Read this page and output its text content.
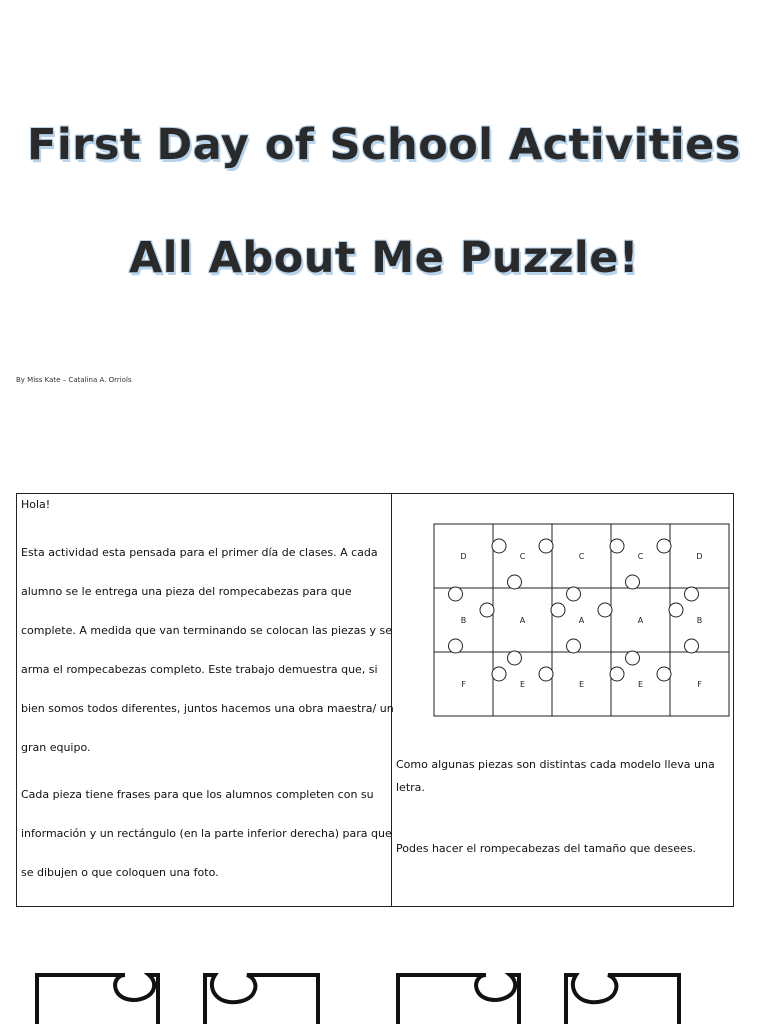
First Day of School Activities
All About Me Puzzle!
By Miss Kate – Catalina A. Orriols
Hola!
Esta actividad esta pensada para el primer día de clases. A cada
alumno se le entrega una pieza del rompecabezas para que
complete. A medida que van terminando se colocan las piezas y se
arma el rompecabezas completo. Este trabajo demuestra que, si
bien somos todos diferentes, juntos hacemos una obra maestra/ un
gran equipo.
Cada pieza tiene frases para que los alumnos completen con su
información y un rectángulo (en la parte inferior derecha) para que
se dibujen o que coloquen una foto.
D	C	C	C	D
B	A	A	A	B
F	E	E	E	F
Como algunas piezas son distintas cada modelo lleva una
letra.
Podes hacer el rompecabezas del tamaño que desees.
